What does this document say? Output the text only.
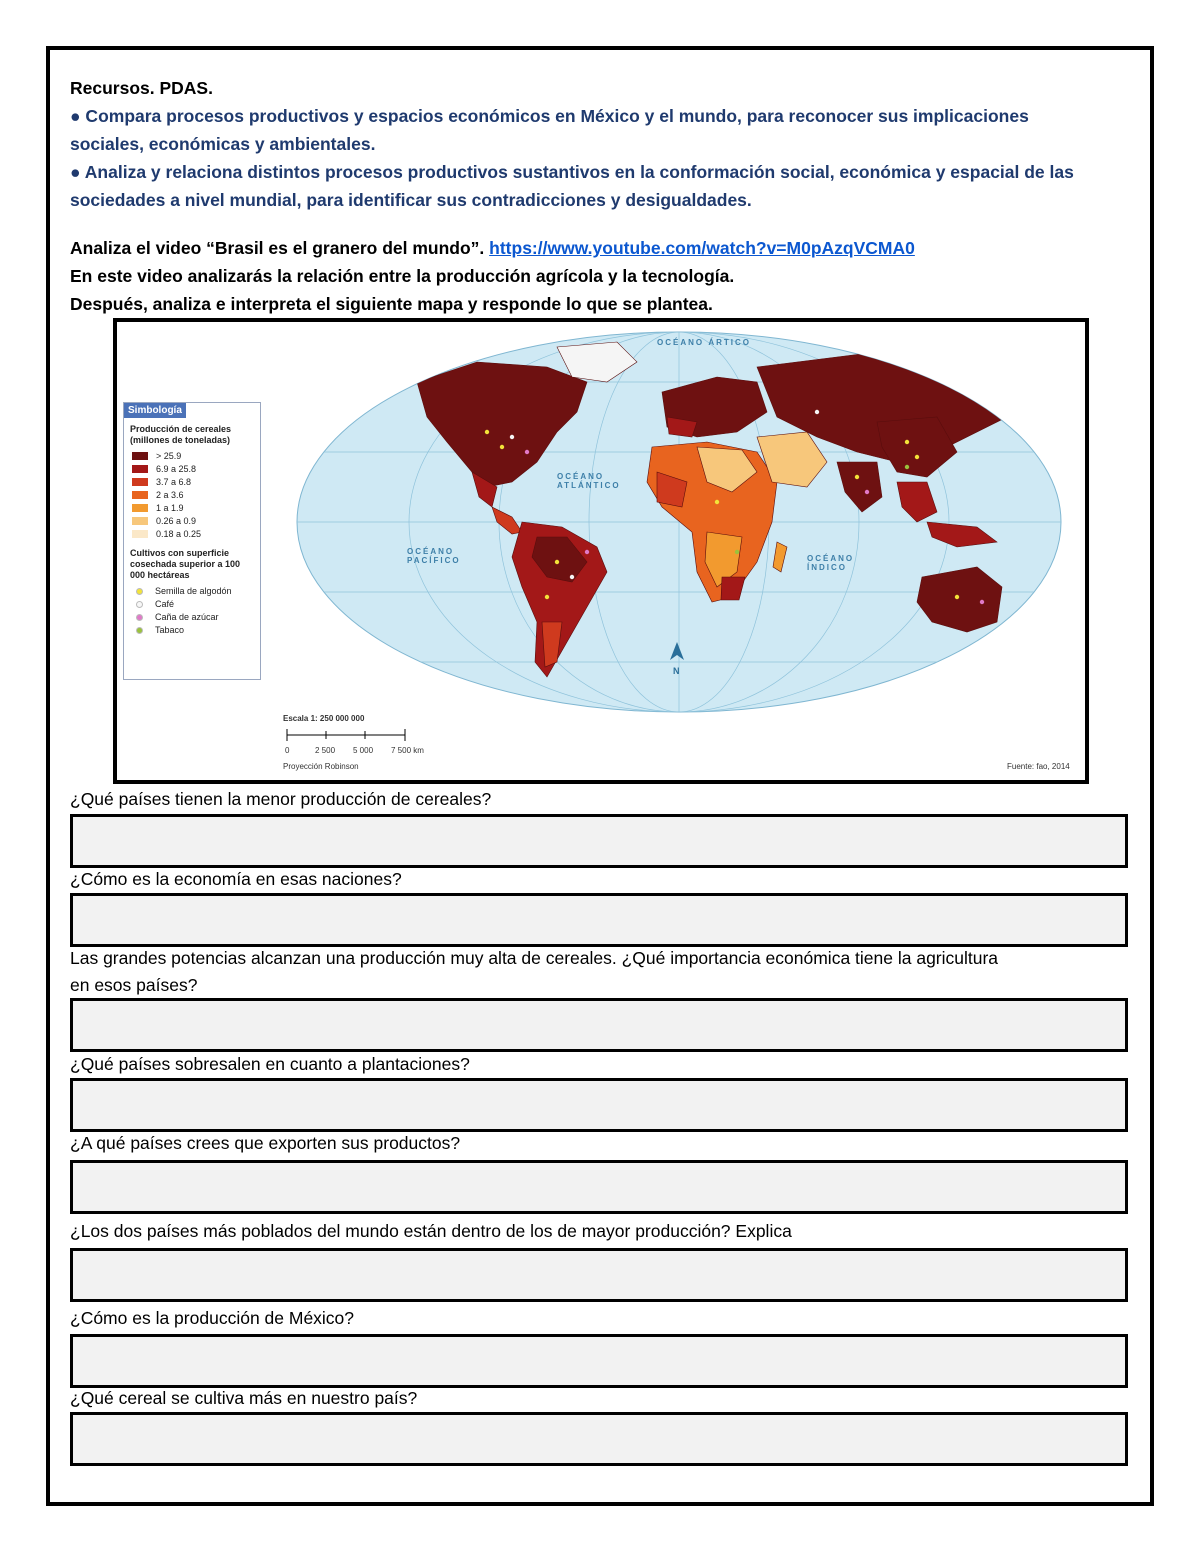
Recursos. PDAS.
● Compara procesos productivos y espacios económicos en México y el mundo, para reconocer sus implicaciones
sociales, económicas y ambientales.
● Analiza y relaciona distintos procesos productivos sustantivos en la conformación social, económica y espacial de las
sociedades a nivel mundial, para identificar sus contradicciones y desigualdades.
Analiza el video “Brasil es el granero del mundo”. https://www.youtube.com/watch?v=M0pAzqVCMA0
En este video analizarás la relación entre la producción agrícola y la tecnología.
Después, analiza e interpreta el siguiente mapa y responde lo que se plantea.
OCÉANO ÁRTICO
OCÉANO ATLÁNTICO
OCÉANO PACÍFICO	OCÉANO ÍNDICO
N
Escala 1: 250 000 000
0	2 500 5 000 7 500 km
Proyección Robinson	Fuente: fao, 2014
Simbología
Producción de cereales (millones de toneladas)
> 25.9
6.9 a 25.8
3.7 a 6.8
2 a 3.6
1 a 1.9
0.26 a 0.9
0.18 a 0.25
Cultivos con superficie cosechada superior a 100 000 hectáreas
Semilla de algodón
Café
Caña de azúcar
Tabaco
¿Qué países tienen la menor producción de cereales?
¿Cómo es la economía en esas naciones?
Las grandes potencias alcanzan una producción muy alta de cereales. ¿Qué importancia económica tiene la agricultura
en esos países?
¿Qué países sobresalen en cuanto a plantaciones?
¿A qué países crees que exporten sus productos?
¿Los dos países más poblados del mundo están dentro de los de mayor producción? Explica
¿Cómo es la producción de México?
¿Qué cereal se cultiva más en nuestro país?
